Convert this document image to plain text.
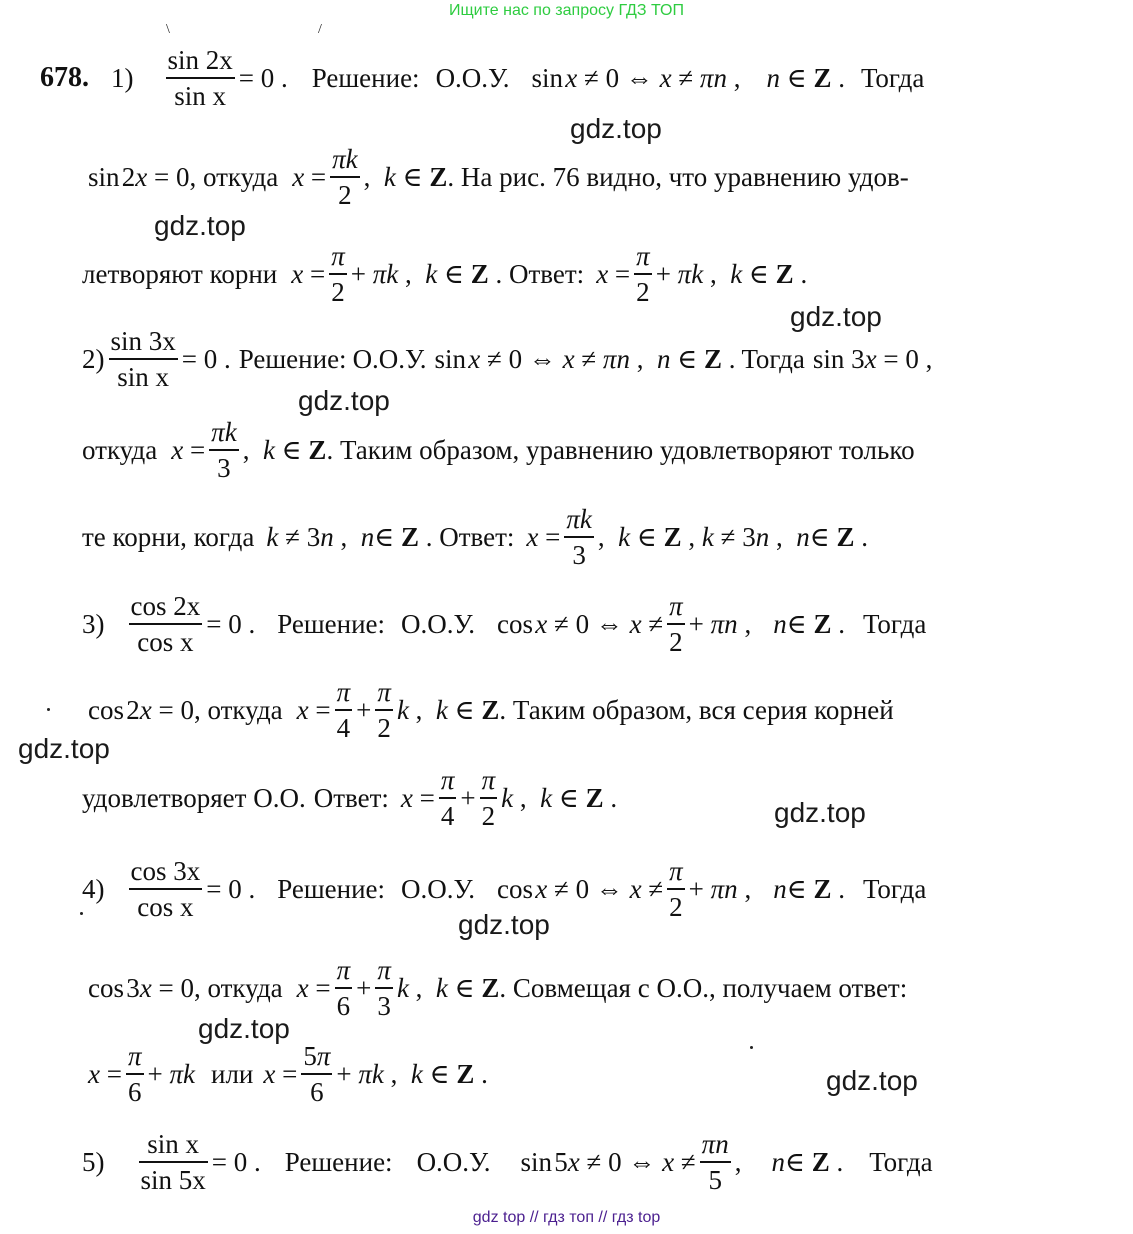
Ищите нас по запросу ГДЗ ТОП
\	/
678. $1) \frac{\sin 2x}{\text{sin x}} = 0$ . Решение: О.О.У. sin x ≠ 0 ⇔ x ≠ πn , n ∈ Z . Тогда
sin 2x = 0 , откуда $x = \frac{\pi k}{2}$ ,  k ∈ Z . На рис. 76 видно, что уравнению удов-
летворяют корни $x = \frac{\pi}{2} + \pi k$ ,  k ∈ Z . Ответ: $x = \frac{\pi}{2} + \pi k$ ,  k ∈ Z .
$2) \frac{\sin 3x}{\text{sin x}} = 0$ . Решение: О.О.У. sin x ≠ 0 ⇔ x ≠ πn ,  n ∈ Z . Тогда sin 3x = 0 ,
откуда $x = \frac{\pi k}{3}$ ,  k ∈ Z . Таким образом, уравнению удовлетворяют только
те корни, когда k ≠ 3n ,  n∈ Z . Ответ: $x = \frac{\pi k}{3}$ ,  k ∈ Z , k ≠ 3n ,  n∈ Z .
$3) \frac{\cos 2x}{\text{cos x}} = 0$ . Решение: О.О.У. cos x ≠ 0 ⇔ $x \ne \frac{\pi}{2} + \pi n$ , n∈ Z . Тогда
cos 2x = 0 , откуда $x = \frac{\pi}{4} + \frac{\pi}{2}$ k ,  k ∈ Z . Таким образом, вся серия корней
удовлетворяет О.О. Ответ: $x = \frac{\pi}{4} + \frac{\pi}{2}$ k ,  k ∈ Z .
$4) \frac{\cos 3x}{\text{cos x}} = 0$ . Решение: О.О.У. cos x ≠ 0 ⇔ $x \ne \frac{\pi}{2} + \pi n$ , n∈ Z . Тогда
cos 3x = 0 , откуда $x = \frac{\pi}{6} + \frac{\pi}{3}$ k ,  k ∈ Z . Совмещая с О.О., получаем ответ:
$x = \frac{\pi}{6} + \pi k$ или $x = \frac{5\pi}{6} + \pi k$ ,  k ∈ Z .
$5) \frac{\text{sin x}}{\sin 5x} = 0$ . Решение: О.О.У. sin 5x ≠ 0 ⇔ $x \ne \frac{\pi n}{5}$ , n∈ Z . Тогда
gdz.top
gdz.top
gdz.top
gdz.top
gdz.top
gdz.top
gdz.top
gdz.top
gdz.top
gdz top // гдз топ // гдз top
